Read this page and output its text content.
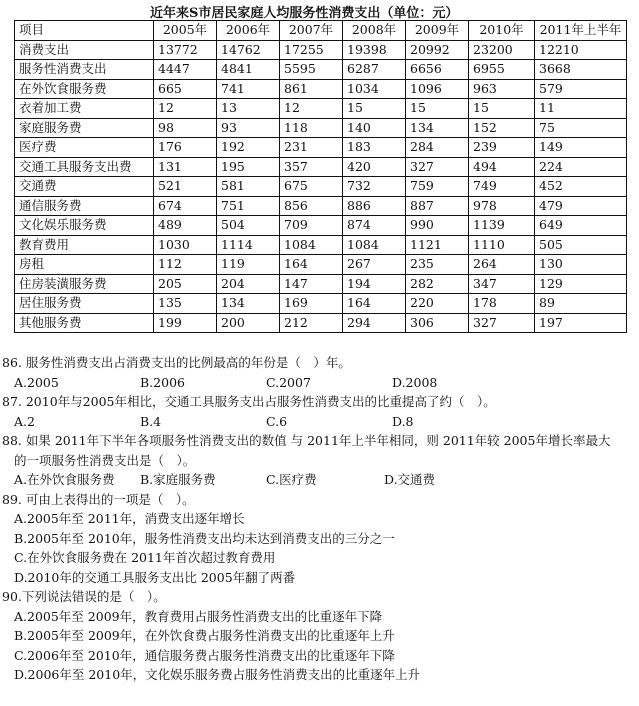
近年来S市居民家庭人均服务性消费支出（单位：元）
项目	2005年	2006年	2007年	2008年	2009年	2010年	2011年上半年
消费支出	13772	14762	17255	19398	20992	23200	12210
服务性消费支出	4447	4841	5595	6287	6656	6955	3668
在外饮食服务费	665	741	861	1034	1096	963	579
衣着加工费	12	13	12	15	15	15	11
家庭服务费	98	93	118	140	134	152	75
医疗费	176	192	231	183	284	239	149
交通工具服务支出费	131	195	357	420	327	494	224
交通费	521	581	675	732	759	749	452
通信服务费	674	751	856	886	887	978	479
文化娱乐服务费	489	504	709	874	990	1139	649
教育费用	1030	1114	1084	1084	1121	1110	505
房租	112	119	164	267	235	264	130
住房装潢服务费	205	204	147	194	282	347	129
居住服务费	135	134	169	164	220	178	89
其他服务费	199	200	212	294	306	327	197
86. 服务性消费支出占消费支出的比例最高的年份是（　）年。
A.2005	B.2006	C.2007	D.2008
87. 2010年与2005年相比，交通工具服务支出占服务性消费支出的比重提高了约（　）。
A.2	B.4	C.6	D.8
88. 如果 2011年下半年各项服务性消费支出的数值 与 2011年上半年相同，则 2011年较 2005年增长率最大
的一项服务性消费支出是（　）。
A.在外饮食服务费 B.家庭服务费	C.医疗费	D.交通费
89. 可由上表得出的一项是（　）。
A.2005年至 2011年，消费支出逐年增长
B.2005年至 2010年，服务性消费支出均未达到消费支出的三分之一
C.在外饮食服务费在 2011年首次超过教育费用
D.2010年的交通工具服务支出比 2005年翻了两番
90.下列说法错误的是（　）。
A.2005年至 2009年，教育费用占服务性消费支出的比重逐年下降
B.2005年至 2009年，在外饮食费占服务性消费支出的比重逐年上升
C.2006年至 2010年，通信服务费占服务性消费支出的比重逐年下降
D.2006年至 2010年，文化娱乐服务费占服务性消费支出的比重逐年上升
